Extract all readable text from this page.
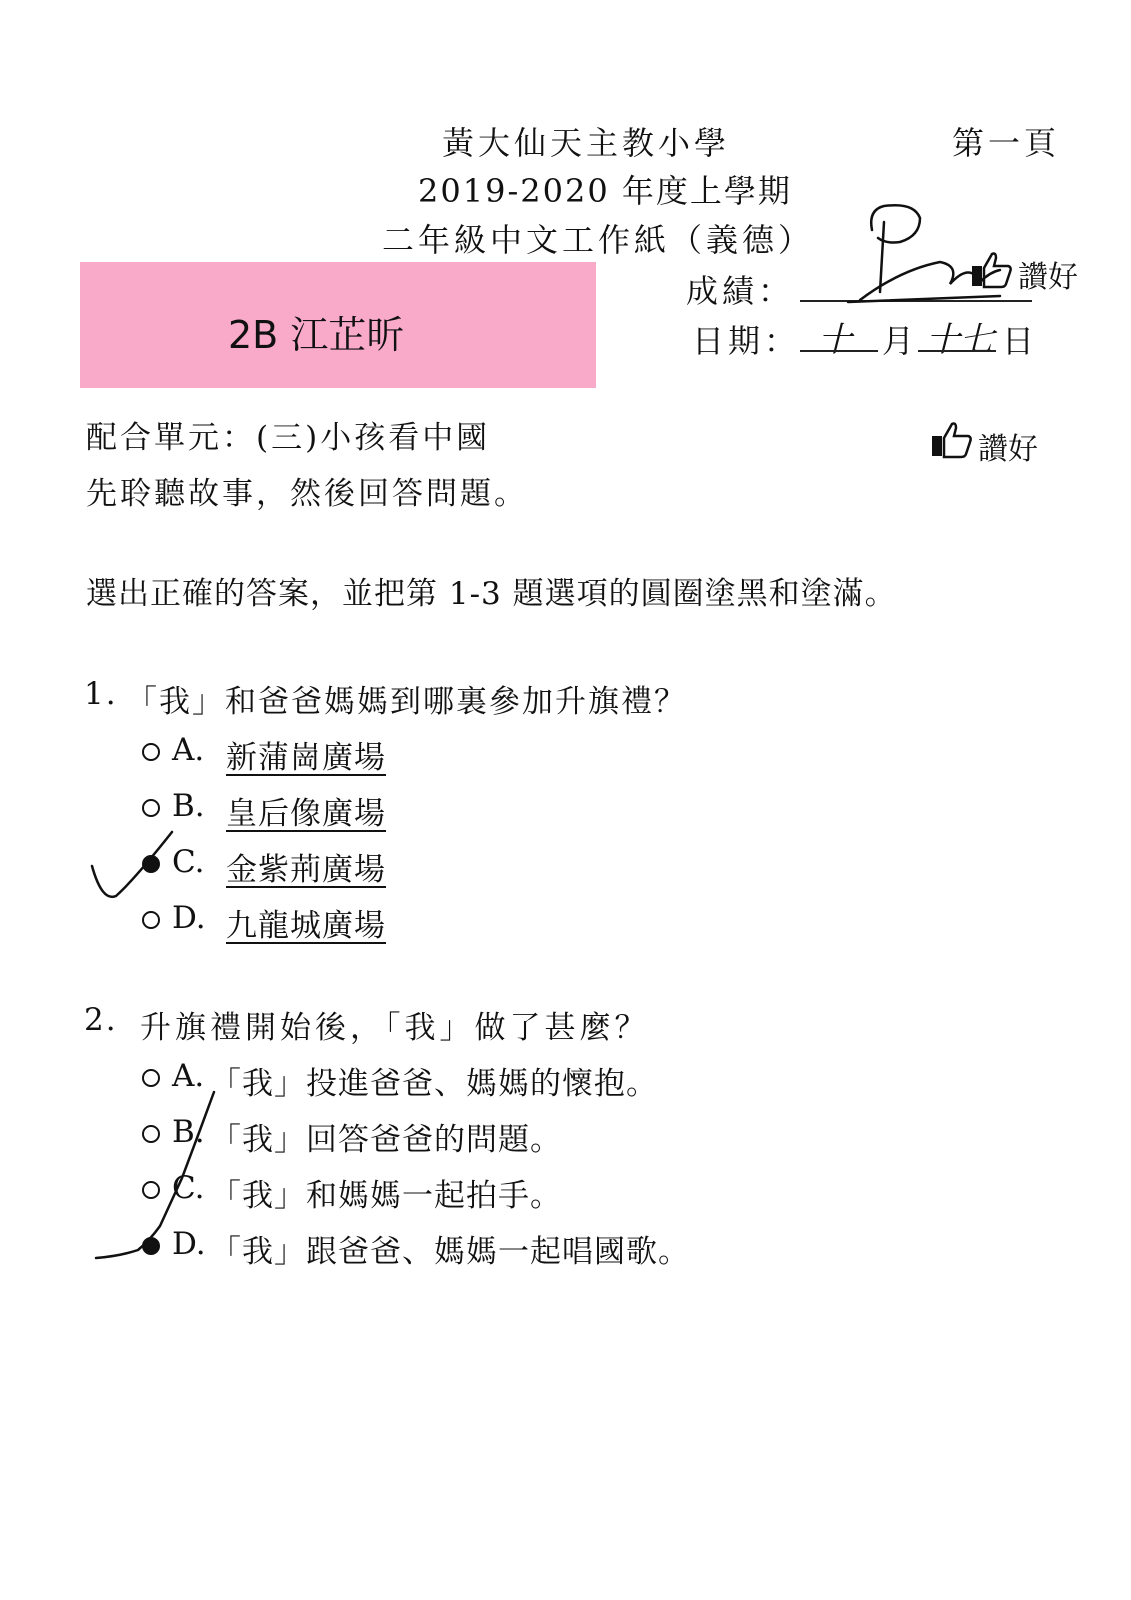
黃大仙天主教小學	第一頁
2019-2020 年度上學期
二年級中文工作紙（義德）
2B 江芷昕
成績：
日期： 十 月 十七 日
讚好
讚好
配合單元：(三)小孩看中國
先聆聽故事，然後回答問題。
選出正確的答案，並把第 1-3 題選項的圓圈塗黑和塗滿。
1. 「我」和爸爸媽媽到哪裏參加升旗禮？
A. 新蒲崗廣場
B. 皇后像廣場
C. 金紫荊廣場
D. 九龍城廣場
2. 升旗禮開始後，「我」做了甚麼？
A. 「我」投進爸爸、媽媽的懷抱。
B. 「我」回答爸爸的問題。
C. 「我」和媽媽一起拍手。
D. 「我」跟爸爸、媽媽一起唱國歌。
